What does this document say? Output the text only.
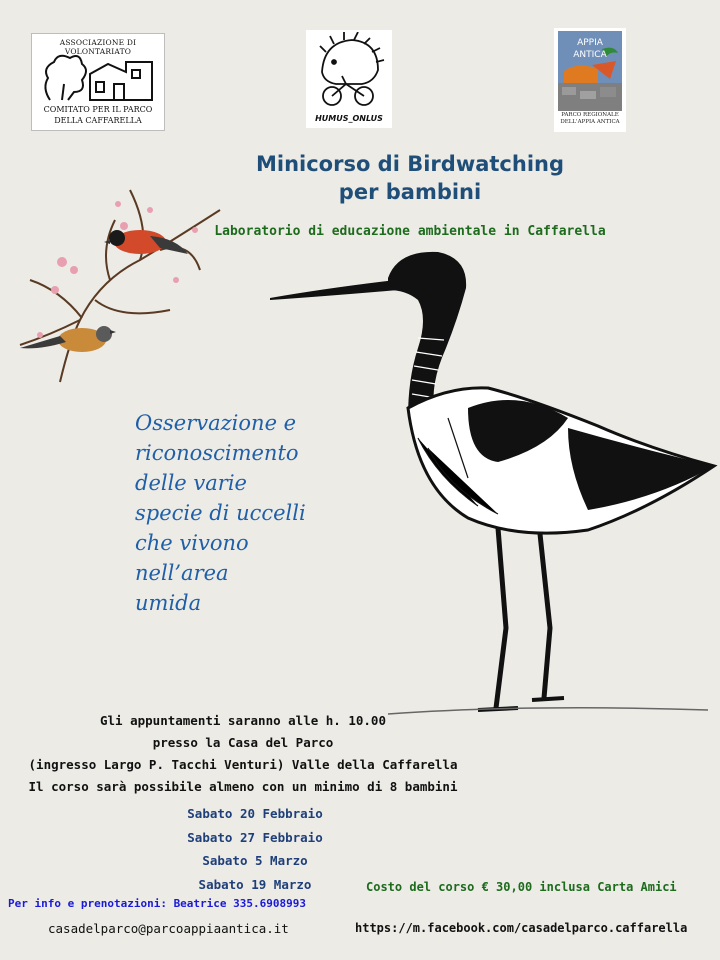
ASSOCIAZIONE DI VOLONTARIATO
COMITATO PER IL PARCO
DELLA CAFFARELLA	HUMUS_ONLUS
APPIA
ANTICA
PARCO REGIONALE
DELL'APPIA ANTICA
Minicorso di Birdwatching
per bambini
Laboratorio di educazione ambientale in Caffarella
Osservazione e
riconoscimento
delle varie
specie di uccelli
che vivono
nell’area
umida
Gli appuntamenti saranno alle h. 10.00
presso la Casa del Parco
(ingresso Largo P. Tacchi Venturi) Valle della Caffarella
Il corso sarà possibile almeno con un minimo di 8 bambini
Sabato 20 Febbraio
Sabato 27 Febbraio
Sabato 5 Marzo
Sabato 19 Marzo
Per info e prenotazioni: Beatrice 335.6908993
Costo del corso € 30,00 inclusa Carta Amici
casadelparco@parcoappiaantica.it	https://m.facebook.com/casadelparco.caffarella
